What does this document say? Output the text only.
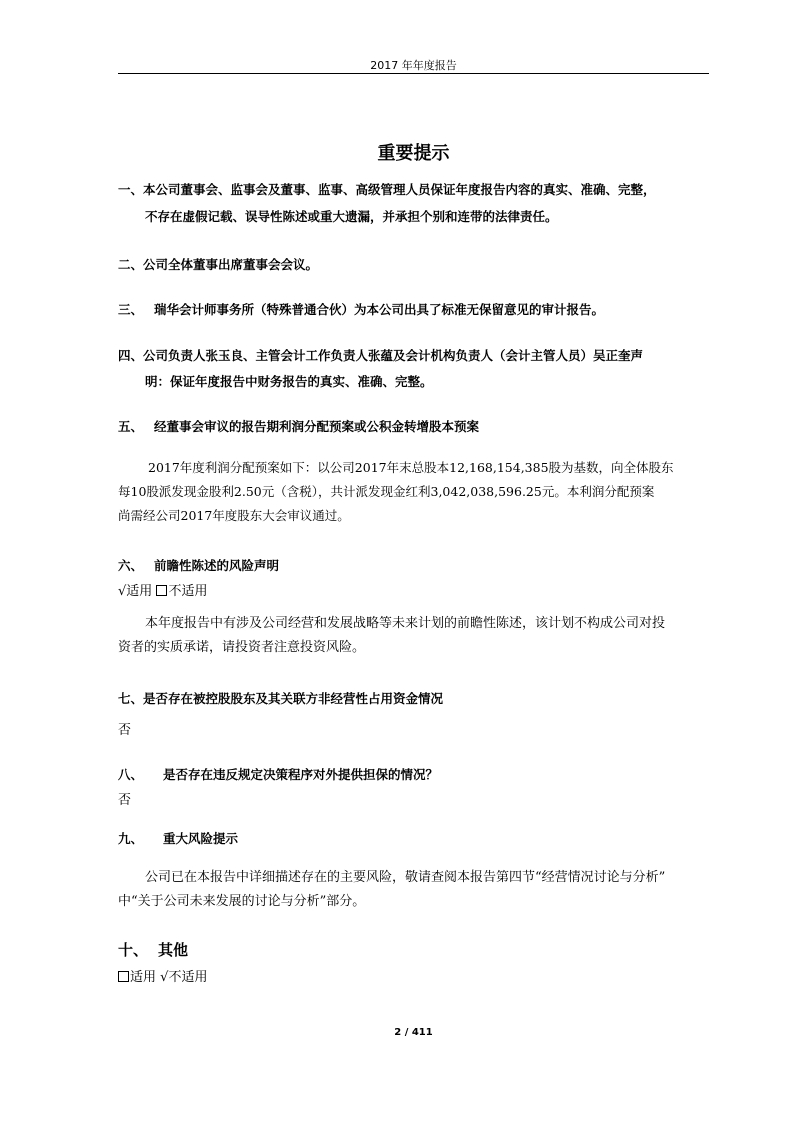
2017 年年度报告
重要提示
一、本公司董事会、监事会及董事、监事、高级管理人员保证年度报告内容的真实、准确、完整，
不存在虚假记载、误导性陈述或重大遗漏，并承担个别和连带的法律责任。
二、公司全体董事出席董事会会议。
三、 瑞华会计师事务所（特殊普通合伙）为本公司出具了标准无保留意见的审计报告。
四、公司负责人张玉良、主管会计工作负责人张蕴及会计机构负责人（会计主管人员）吴正奎声
明：保证年度报告中财务报告的真实、准确、完整。
五、 经董事会审议的报告期利润分配预案或公积金转增股本预案
2017年度利润分配预案如下：以公司2017年末总股本12,168,154,385股为基数，向全体股东
每10股派发现金股利2.50元（含税），共计派发现金红利3,042,038,596.25元。本利润分配预案
尚需经公司2017年度股东大会审议通过。
六、 前瞻性陈述的风险声明
√适用 不适用
本年度报告中有涉及公司经营和发展战略等未来计划的前瞻性陈述，该计划不构成公司对投
资者的实质承诺，请投资者注意投资风险。
七、是否存在被控股股东及其关联方非经营性占用资金情况
否
八、 是否存在违反规定决策程序对外提供担保的情况？
否
九、 重大风险提示
公司已在本报告中详细描述存在的主要风险，敬请查阅本报告第四节“经营情况讨论与分析”
中“关于公司未来发展的讨论与分析”部分。
十、 其他
适用 √不适用
2 / 411
